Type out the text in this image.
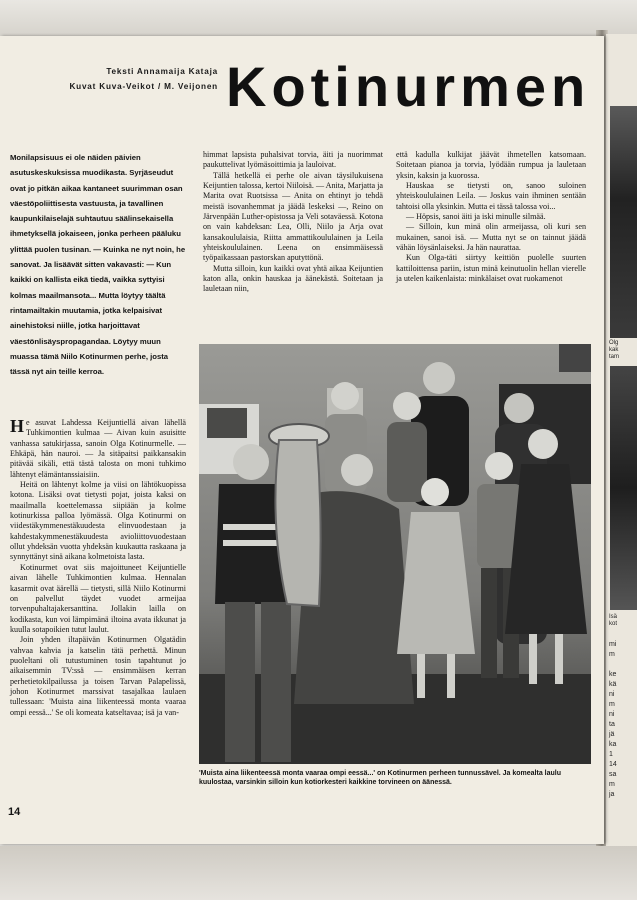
Olg
kak
tam
Isä
kot
mi
m

ke
kä
ni
m
ni
ta
jä
ka
1
14
sa
m
ja
Teksti Annamaija Kataja
Kuvat Kuva-Veikot / M. Veijonen Kotinurmen

Monilapsisuus ei ole näiden päivien asutuskeskuksissa muodikasta. Syrjäseudut ovat jo pitkän aikaa kantaneet suurimman osan väestöpoliittisesta vastuusta, ja tavallinen kaupunkilaiselajä suhtautuu säälinsekaisella ihmetyksellä jokaiseen, jonka perheen pääluku ylittää puolen tusinan. — Kuinka ne nyt noin, he sanovat. Ja lisäävät sitten vakavasti: — Kun kaikki on kallista eikä tiedä, vaikka syttyisi kolmas maailmansota... Mutta löytyy täältä rintamailtakin muutamia, jotka kelpaisivat ainehistoksi niille, jotka harjoittavat väestönlisäyspropagandaa. Löytyy muun muassa tämä Niilo Kotinurmen perhe, josta tässä nyt ain teille kerroa.

He asuvat Lahdessa Keijuntiellä aivan lähellä Tuhkimontien kulmaa — Aivan kuin asuisitte vanhassa satukirjassa, sanoin Olga Kotinurmelle. — Ehkäpä, hän nauroi. — Ja sitäpaitsi paikkansakin pitävää sikäli, että tästä talosta on moni tuhkimo lähtenyt elämäntanssiaisiin.

Heitä on lähtenyt kolme ja viisi on lähtökuopissa kotona. Lisäksi ovat tietysti pojat, joista kaksi on maailmalla koettelemassa siipiään ja kolme kotinurkissa palloa lyömässä. Olga Kotinurmi on viidestäkymmenestäkuudesta elinvuodestaan ja kahdestakymmenestäkuudesta avioliittovuodestaan ollut yhdeksän vuotta yhdeksän kuukautta raskaana ja synnyttänyt sinä aikana kolmetoista lasta.

Kotinurmet ovat siis majoittuneet Keijuntielle aivan lähelle Tuhkimontien kulmaa. Hennalan kasarmit ovat äärellä — tietysti, sillä Niilo Kotinurmi on palvellut täydet vuodet armeijaa torvenpuhaltajakersanttina. Jollakin lailla on kodikasta, kun voi lämpimänä iltoina avata ikkunat ja kuulla sotapoikien tutut laulut.

Join yhden iltapäivän Kotinurmen Olgatädin vahvaa kahvia ja katselin tätä perhettä. Minun puoleltani oli tutustuminen tosin tapahtunut jo aikaisemmin TV:ssä — ensimmäisen kerran perhetietokilpailussa ja toisen Tarvan Palapelissä, johon Kotinurmet marssivat tasajalkaa laulaen tullessaan: 'Muista aina liikenteessä monta vaaraa ompi eessä...' Se oli komeata katseltavaa; isä ja van-

himmat lapsista puhalsivat torvia, äiti ja nuorimmat paukuttelivat lyömäsoittimia ja lauloivat.

Tällä hetkellä ei perhe ole aivan täysilukuisena Keijuntien talossa, kertoi Niiloisä. — Anita, Marjatta ja Marita ovat Ruotsissa — Anita on ehtinyt jo tehdä meistä isovanhemmat ja jäädä leskeksi —, Reino on Järvenpään Luther-opistossa ja Veli sotaväessä. Kotona on vain kahdeksan: Lea, Olli, Niilo ja Arja ovat kansakoululaisia, Riitta ammattikoululainen ja Leila yhteiskoululainen. Leena on ensimmäisessä työpaikassaan pastorskan aputyttönä.

Mutta silloin, kun kaikki ovat yhtä aikaa Keijuntien katon alla, onkin hauskaa ja äänekästä. Soitetaan ja lauletaan niin,

että kadulla kulkijat jäävät ihmetellen katsomaan. Soitetaan pianoa ja torvia, lyödään rumpua ja lauletaan yksin, kaksin ja kuorossa.

Hauskaa se tietysti on, sanoo suloinen yhteiskoululainen Leila. — Joskus vain ihminen sentään tahtoisi olla yksinkin. Mutta ei tässä talossa voi...

— Höpsis, sanoi äiti ja iski minulle silmää.

— Silloin, kun minä olin armeijassa, oli kuri sen mukainen, sanoi isä. — Mutta nyt se on tainnut jäädä vähän löysänlaiseksi. Ja hän naurattaa.

Kun Olga-täti siirtyy keittiön puolelle suurten kattiloittensa pariin, istun minä keinutuolin hellan vierelle ja utelen kaikenlaista: minkälaiset ovat ruokamenot

'Muista aina liikenteessä monta vaaraa ompi eessä...' on Kotinurmen perheen tunnussävel. Ja komealta laulu kuulostaa, varsinkin silloin kun kotiorkesteri kaikkine torvineen on äänessä.
14
